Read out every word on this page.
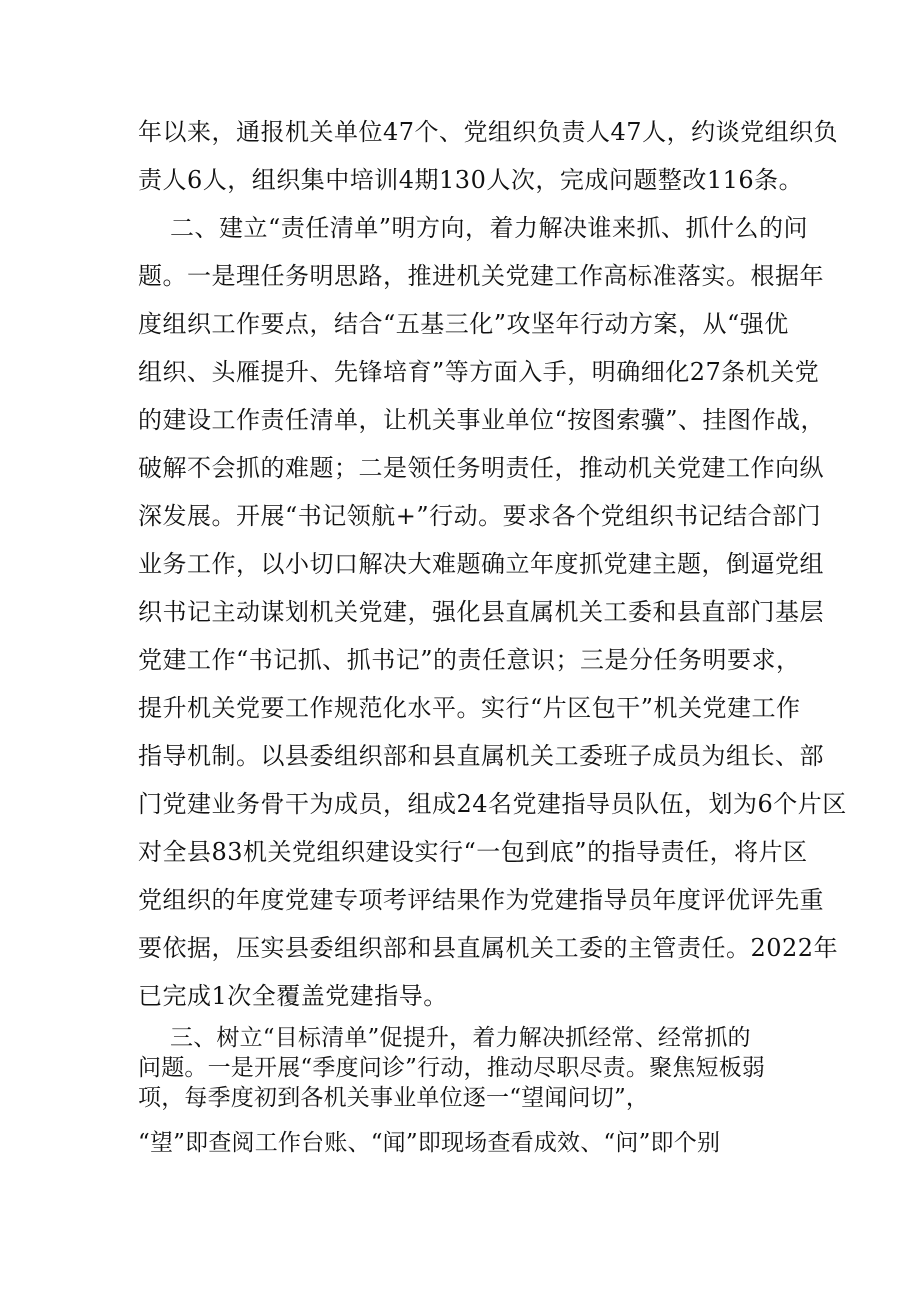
年以来，通报机关单位47个、党组织负责人47人，约谈党组织负
责人6人，组织集中培训4期130人次，完成问题整改116条。
二、建立“责任清单”明方向，着力解决谁来抓、抓什么的问
题。一是理任务明思路，推进机关党建工作高标准落实。根据年
度组织工作要点，结合“五基三化”攻坚年行动方案，从“强优
组织、头雁提升、先锋培育”等方面入手，明确细化27条机关党
的建设工作责任清单，让机关事业单位“按图索骥”、挂图作战，
破解不会抓的难题；二是领任务明责任，推动机关党建工作向纵
深发展。开展“书记领航+”行动。要求各个党组织书记结合部门
业务工作，以小切口解决大难题确立年度抓党建主题，倒逼党组
织书记主动谋划机关党建，强化县直属机关工委和县直部门基层
党建工作“书记抓、抓书记”的责任意识；三是分任务明要求，
提升机关党要工作规范化水平。实行“片区包干”机关党建工作
指导机制。以县委组织部和县直属机关工委班子成员为组长、部
门党建业务骨干为成员，组成24名党建指导员队伍，划为6个片区
对全县83机关党组织建设实行“一包到底”的指导责任，将片区
党组织的年度党建专项考评结果作为党建指导员年度评优评先重
要依据，压实县委组织部和县直属机关工委的主管责任。2022年
已完成1次全覆盖党建指导。
三、树立“目标清单”促提升，着力解决抓经常、经常抓的
问题。一是开展“季度问诊”行动，推动尽职尽责。聚焦短板弱
项，每季度初到各机关事业单位逐一“望闻问切”，
“望”即查阅工作台账、“闻”即现场查看成效、“问”即个别
